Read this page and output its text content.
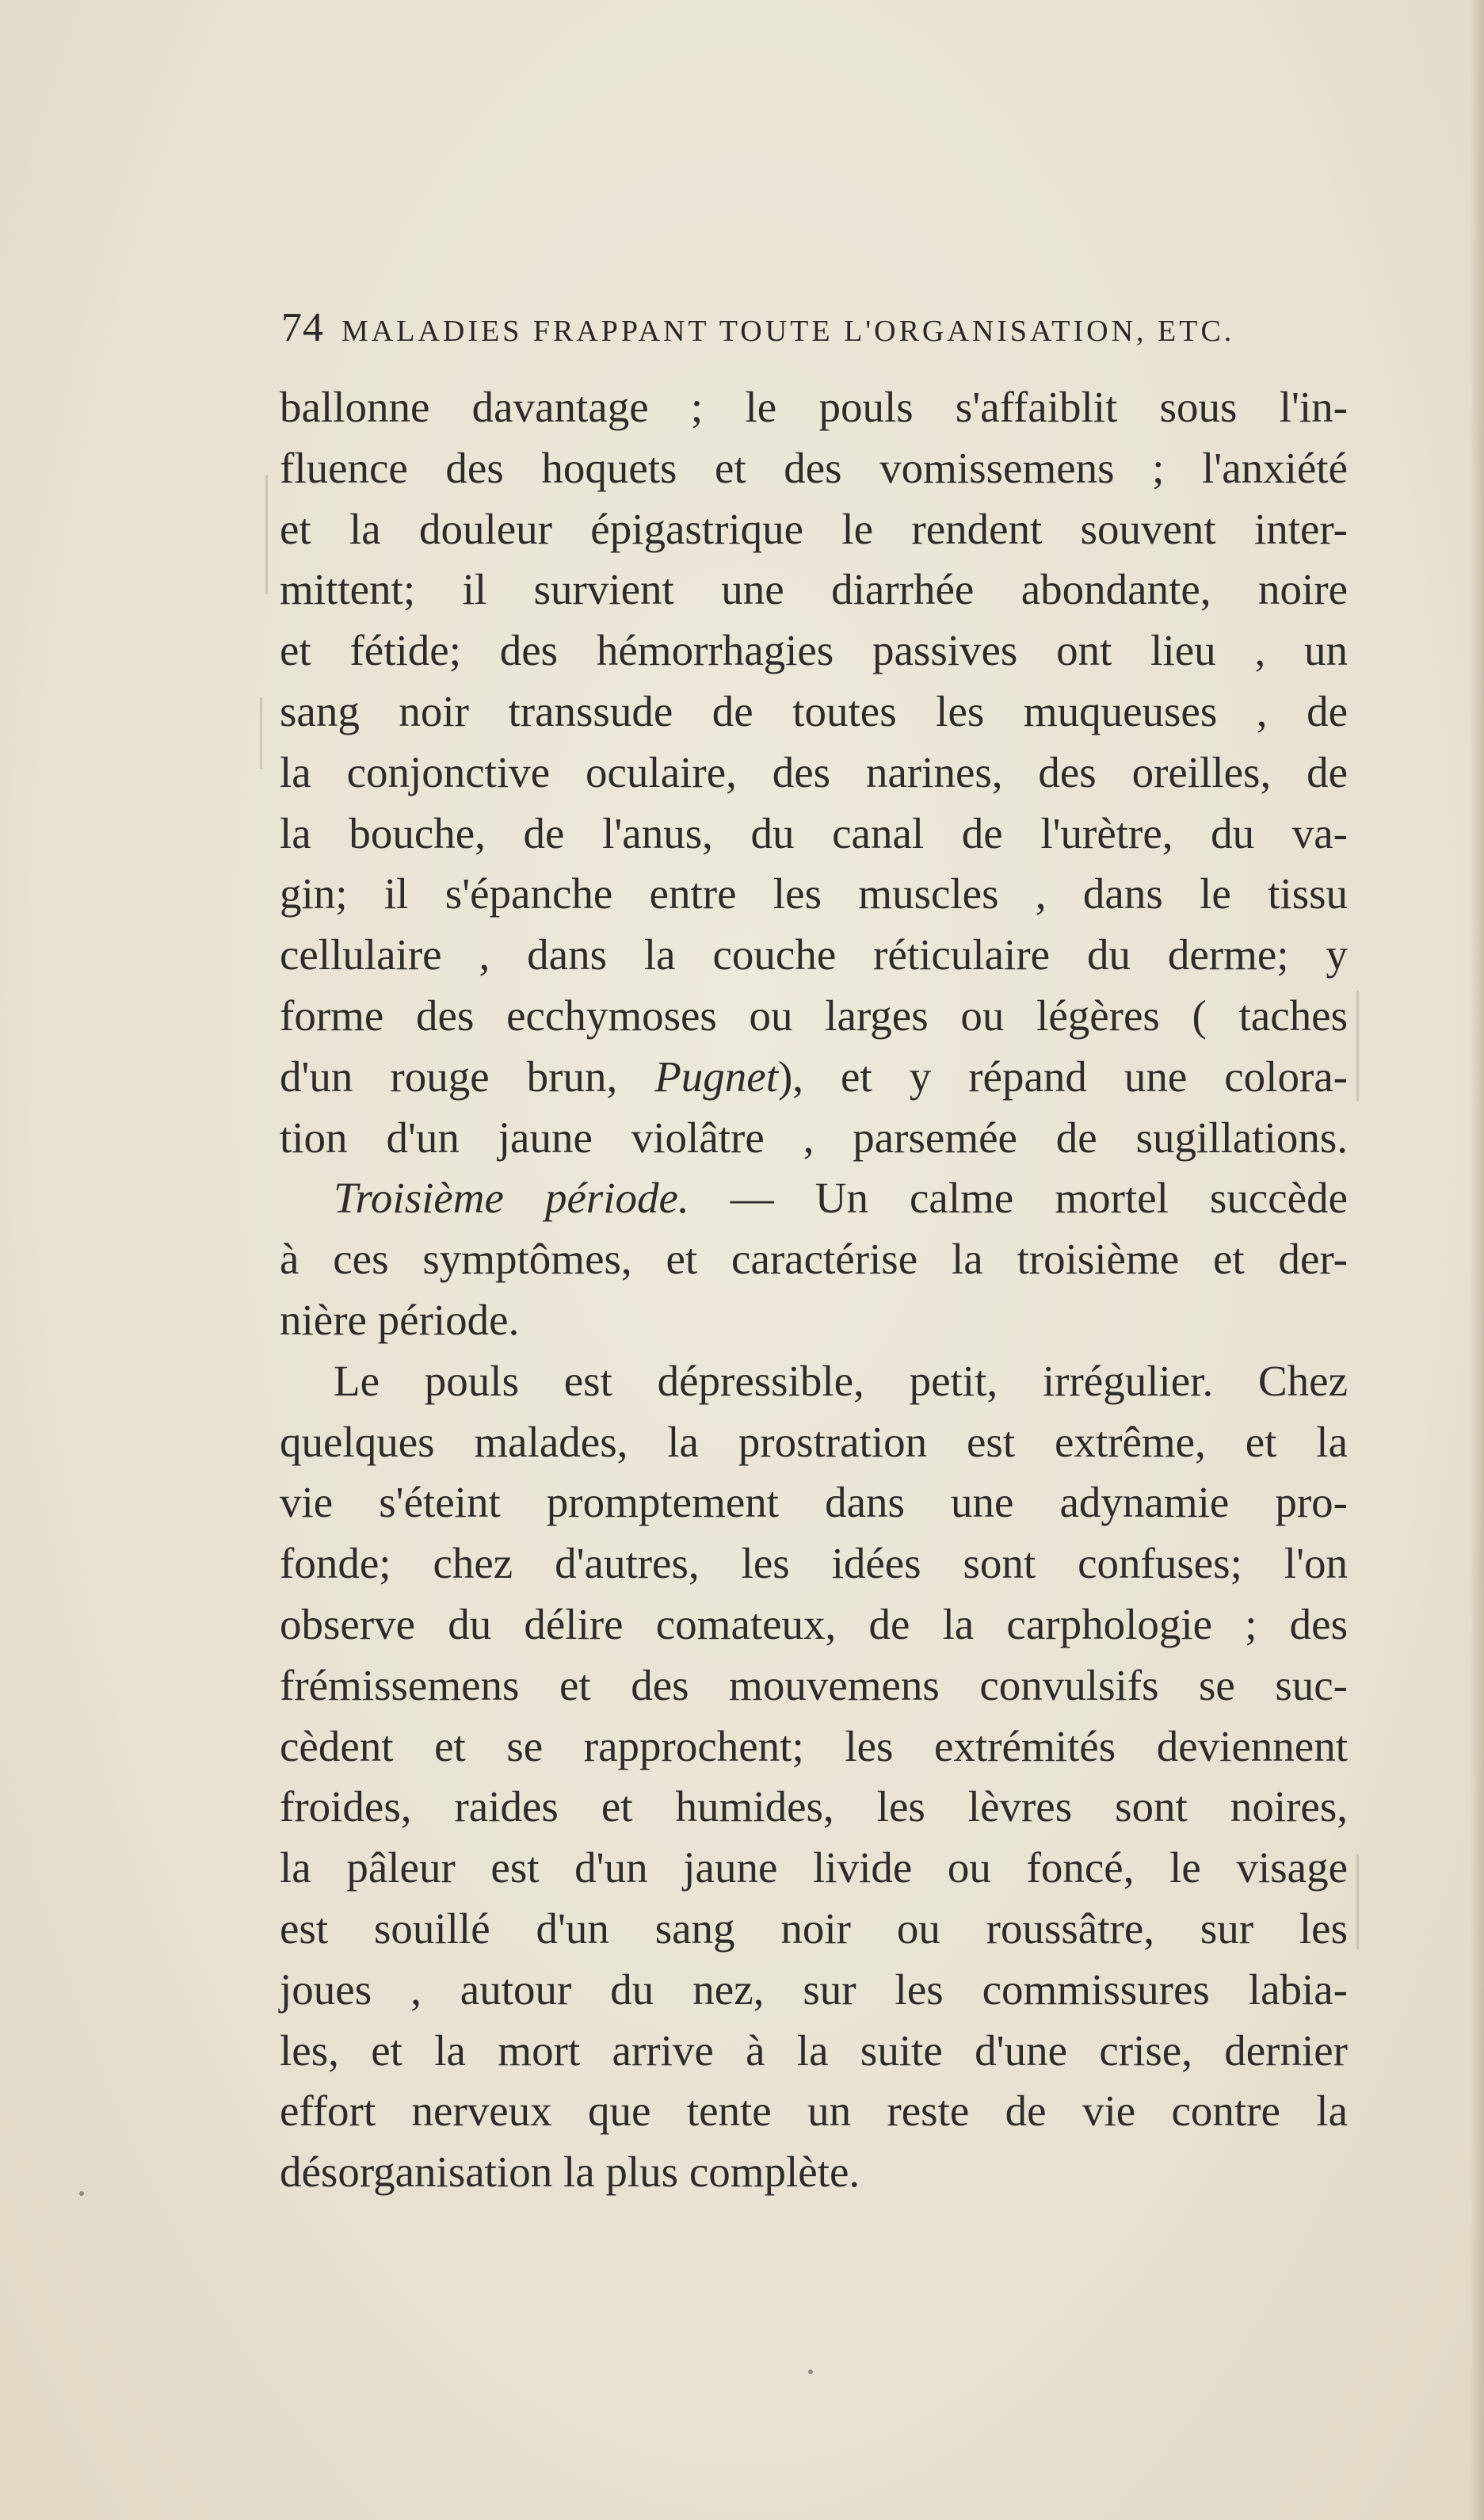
74 MALADIES FRAPPANT TOUTE L'ORGANISATION, ETC.
ballonne davantage ; le pouls s'affaiblit sous l'in-
fluence des hoquets et des vomissemens ; l'anxiété
et la douleur épigastrique le rendent souvent inter-
mittent; il survient une diarrhée abondante, noire
et fétide; des hémorrhagies passives ont lieu , un
sang noir transsude de toutes les muqueuses , de
la conjonctive oculaire, des narines, des oreilles, de
la bouche, de l'anus, du canal de l'urètre, du va-
gin; il s'épanche entre les muscles , dans le tissu
cellulaire , dans la couche réticulaire du derme; y
forme des ecchymoses ou larges ou légères ( taches
d'un rouge brun, Pugnet), et y répand une colora-
tion d'un jaune violâtre , parsemée de sugillations.
Troisième période. — Un calme mortel succède
à ces symptômes, et caractérise la troisième et der-
nière période.
Le pouls est dépressible, petit, irrégulier. Chez
quelques malades, la prostration est extrême, et la
vie s'éteint promptement dans une adynamie pro-
fonde; chez d'autres, les idées sont confuses; l'on
observe du délire comateux, de la carphologie ; des
frémissemens et des mouvemens convulsifs se suc-
cèdent et se rapprochent; les extrémités deviennent
froides, raides et humides, les lèvres sont noires,
la pâleur est d'un jaune livide ou foncé, le visage
est souillé d'un sang noir ou roussâtre, sur les
joues , autour du nez, sur les commissures labia-
les, et la mort arrive à la suite d'une crise, dernier
effort nerveux que tente un reste de vie contre la
désorganisation la plus complète.
